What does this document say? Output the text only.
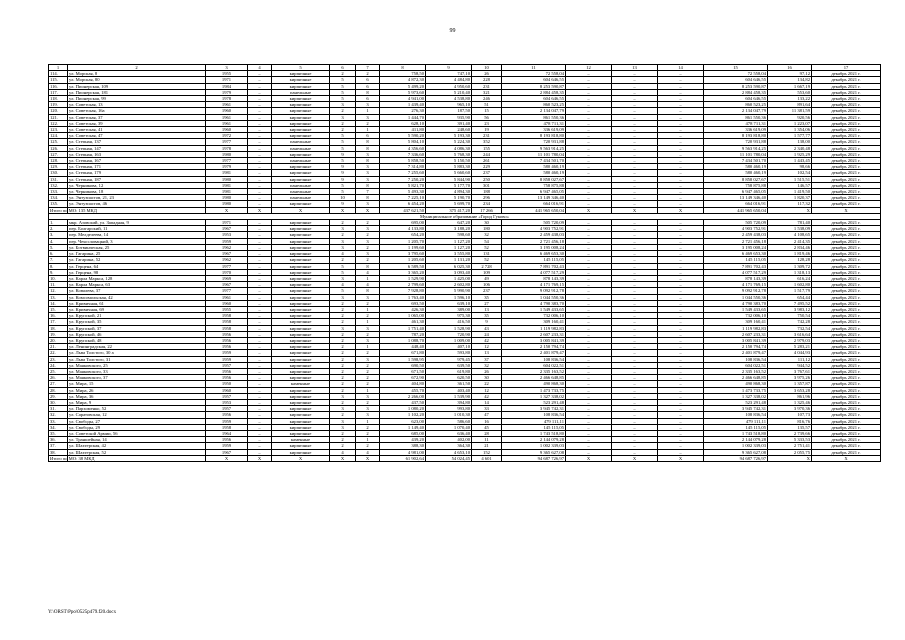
99
1	2	3	4	5	6	7	8	9	10	11	12	13	14	15	16	17
114.	ул. Морская, 8	1955	–	кирпичные	2	2	758,50	747,10	26	72 558,04	–	–	–	72 558,04	97,12	декабрь 2021 г.
115.	ул. Морская, 80	1971	–	кирпичные	5	6	4 872,30	4 484,80	228	604 646,55	–	–	–	604 646,55	134,82	декабрь 2021 г.
116.	ул. Пионерская, 109	1984	–	кирпичные	5	6	5 499,20	4 950,60	231	8 253 590,87	–	–	–	8 253 590,87	1 667,19	декабрь 2021 г.
117.	ул. Пионерская, 181	1979	–	панельные	5	8	5 973,60	5 210,40	321	2 884 458,35	–	–	–	2 884 458,35	553,60	декабрь 2021 г.
118.	ул. Пионерская, 99	1978	–	кирпичные	5	6	4 941,00	4 538,80	246	604 646,55	–	–	–	604 646,55	133,22	декабрь 2021 г.
119.	ул. Советская, 13	1961	–	кирпичные	3	3	1 439,40	965,10	51	860 523,25	–	–	–	860 523,25	891,64	декабрь 2021 г.
120.	ул. Советская, 16а	1960	–	кирпичные	2	1	276,30	187,50	15	2 134 047,79	–	–	–	2 134 047,79	11 381,59	декабрь 2021 г.
121.	ул. Советская, 37	1961	–	кирпичные	3	3	1 444,70	935,90	56	861 550,36	–	–	–	861 550,36	920,56	декабрь 2021 г.
122.	ул. Советская, 39	1961	–	кирпичные	2	2	628,10	391,40	23	478 711,31	–	–	–	478 711,31	1 223,07	декабрь 2021 г.
123.	ул. Советская, 41	1960	–	кирпичные	2	1	411,80	248,60	19	336 619,09	–	–	–	336 619,09	1 354,06	декабрь 2021 г.
124.	ул. Советская, 47	1972	–	кирпичные	5	6	5 590,20	5 193,30	231	8 193 818,80	–	–	–	8 193 818,80	1 577,77	декабрь 2021 г.
125.	ул. Степная, 137	1977	–	панельные	5	8	5 804,10	5 224,30	352	720 931,88	–	–	–	720 931,88	138,00	декабрь 2021 г.
126.	ул. Степная, 147	1978	–	панельные	5	8	4 356,60	4 086,30	155	9 563 914,25	–	–	–	9 563 914,25	2 340,48	декабрь 2021 г.
127.	ул. Степная, 163	1980	–	кирпичные	9	3	7 336,60	5 768,30	244	11 101 780,04	–	–	–	11 101 780,04	1 925,29	декабрь 2021 г.
128.	ул. Степная, 167	1977	–	панельные	5	8	5 858,50	5 150,50	261	7 434 501,70	–	–	–	7 434 501,70	1 443,45	декабрь 2021 г.
129.	ул. Степная, 171	1979	–	кирпичные	9	3	7 314,80	5 883,30	229	580 460,19	–	–	–	580 460,19	98,66	декабрь 2021 г.
130.	ул. Степная, 179	1981	–	кирпичные	9	3	7 255,60	5 660,60	237	580 460,19	–	–	–	580 460,19	102,54	декабрь 2021 г.
131.	ул. Степная, 187	1980	–	кирпичные	9	3	7 250,20	5 844,90	250	8 858 027,67	–	–	–	8 858 027,67	1 515,51	декабрь 2021 г.
132.	ул. Черникова, 12	1981	–	панельные	5	8	5 821,70	5 177,70	301	758 875,88	–	–	–	758 875,88	146,57	декабрь 2021 г.
133.	ул. Черникова, 18	1981	–	панельные	5	7	5 493,30	4 894,30	188	6 947 465,05	–	–	–	6 947 465,05	1 419,50	декабрь 2021 г.
134.	ул. Энтузиастов, 21, 23	1980	–	панельные	10	8	7 225,10	5 190,70	296	13 149 346,40	–	–	–	13 149 346,40	1 820,37	декабрь 2021 г.
135.	ул. Энтузиастов, 46	1980	–	кирпичные	9	3	6 454,20	5 699,70	234	664 016,91	–	–	–	664 016,91	117,32	декабрь 2021 г.
Итого по МО: 135 МКД		X	X	X	X	X	437 621,50	375 417,20	17 266	441 965 650,04	X	X	X	441 965 650,04	X	X
Муниципальное образование «Город Гуково»																
1.	мкр. Азовский, ул. Западная, 9	1971	–	кирпичные	2	2	695,00	647,20	30	505 720,09	–	–	–	505 720,09	781,40	декабрь 2021 г.
2.	пер. Болгарский, 11	1967	–	кирпичные	3	3	4 133,80	3 188,20	180	4 903 752,91	–	–	–	4 903 752,91	1 538,09	декабрь 2021 г.
3.	пер. Мелделеева, 14	1953	–	кирпичные	2	2	654,20	598,60	32	2 459 438,03	–	–	–	2 459 438,03	4 108,65	декабрь 2021 г.
4.	пер. Чехословацкий, 3	1959	–	кирпичные	3	3	1 205,70	1 127,20	54	2 721 456,18	–	–	–	2 721 456,18	2 414,35	декабрь 2021 г.
5.	ул. Ботвинческая, 25	1962	–	кирпичные	3	2	1 199,60	1 127,20	52	3 195 008,24	–	–	–	3 195 008,24	2 834,46	декабрь 2021 г.
6.	ул. Гагарина, 25	1967	–	кирпичные	4	3	3 795,60	3 555,80	131	6 469 653,30	–	–	–	6 469 653,30	1 819,46	декабрь 2021 г.
7.	ул. Гагарина, 52	1962	–	кирпичные	2	2	1 205,60	1 131,20	52	145 115,05	–	–	–	145 115,05	128,28	декабрь 2021 г.
8.	ул. Герцена, 64	1977	–	кирпичные	5	8	6 589,50	6 025,30	2 728	7 891 702,43	–	–	–	7 891 702,43	1 309,72	декабрь 2021 г.
9.	ул. Герцена, 98	1970	–	кирпичные	5	4	3 365,20	3 093,40	109	4 077 517,29	–	–	–	4 077 517,29	1 318,13	декабрь 2021 г.
10.	ул. Карла Маркса, 128	1969	–	кирпичные	3	1	1 529,90	1 425,00	49	878 143,39	–	–	–	878 143,39	616,24	декабрь 2021 г.
11.	ул. Карла Маркса, 63	1967	–	кирпичные	4	4	2 799,60	2 602,80	106	4 171 769,15	–	–	–	4 171 769,15	1 602,80	декабрь 2021 г.
12.	ул. Ковалева, 37	1977	–	кирпичные	5	8	7 928,80	5 990,90	237	9 092 912,78	–	–	–	9 092 912,78	1 517,79	декабрь 2021 г.
13.	ул. Комсомольская, 42	1961	–	кирпичные	3	3	1 763,40	1 596,10	35	1 044 550,36	–	–	–	1 044 550,36	654,44	декабрь 2021 г.
14.	ул. Кривичная, 61	1960	–	кирпичные	2	2	693,50	639,10	27	4 790 383,70	–	–	–	4 790 383,70	7 495,52	декабрь 2021 г.
15.	ул. Кривичная, 69	1955	–	кирпичные	2	1	426,30	389,00	13	1 549 433,65	–	–	–	1 549 433,65	3 983,12	декабрь 2021 г.
16.	ул. Крупской, 21	1958	–	кирпичные	2	2	1 065,00	975,30	35	732 006,10	–	–	–	732 006,10	750,54	декабрь 2021 г.
17.	ул. Крупской, 35	1958	–	кирпичные	2	1	461,30	416,50	9	309 160,41	–	–	–	309 160,41	742,28	декабрь 2021 г.
18.	ул. Крупской, 37	1958	–	кирпичные	3	3	1 751,40	1 528,90	43	1 119 982,83	–	–	–	1 119 982,83	732,54	декабрь 2021 г.
19.	ул. Крупской, 46	1956	–	кирпичные	2	2	787,20	720,90	24	2 607 233,31	–	–	–	2 607 233,31	3 616,64	декабрь 2021 г.
20.	ул. Крупской, 48	1956	–	кирпичные	2	3	1 088,70	1 009,00	42	3 005 841,39	–	–	–	3 005 841,39	2 979,03	декабрь 2021 г.
21.	ул. Ленинградская, 22	1956	–	кирпичные	2	1	448,40	407,10	12	2 150 794,74	–	–	–	2 150 794,74	5 283,21	декабрь 2021 г.
22.	ул. Льва Толстого, 30 а	1959	–	кирпичные	2	2	671,80	593,80	13	2 401 879,47	–	–	–	2 401 879,47	4 044,93	декабрь 2021 г.
23.	ул. Льва Толстого, 31	1959	–	кирпичные	2	3	1 598,95	979,45	37	108 836,54	–	–	–	108 836,54	111,12	декабрь 2021 г.
24.	ул. Маяковского, 25	1957	–	кирпичные	2	2	690,50	639,50	32	604 022,51	–	–	–	604 022,51	944,52	декабрь 2021 г.
25.	ул. Маяковского, 33	1956	–	кирпичные	2	2	671,50	619,80	26	2 335 163,52	–	–	–	2 335 163,52	3 767,61	декабрь 2021 г.
26.	ул. Маяковского, 37	1956	–	кирпичные	2	2	672,90	620,50	30	2 466 648,85	–	–	–	2 466 648,85	3 975,26	декабрь 2021 г.
27.	ул. Мира, 15	1950	–	каменные	2	2	404,80	361,50	22	490 868,30	–	–	–	490 868,30	1 357,87	декабрь 2021 г.
28.	ул. Мира, 26	1960	–	кирпичные	2	1	455,70	403,40	12	1 473 733,75	–	–	–	1 473 733,75	3 653,28	декабрь 2021 г.
29.	ул. Мира, 36	1957	–	кирпичные	3	3	2 266,00	1 539,90	42	1 327 338,02	–	–	–	1 327 338,02	861,96	декабрь 2021 г.
30.	ул. Мира, 9	1953	–	кирпичные	2	2	437,50	394,80	14	523 291,48	–	–	–	523 291,48	1 325,46	декабрь 2021 г.
31.	ул. Пархоменко, 52	1957	–	кирпичные	3	3	1 080,20	993,80	33	3 945 742,31	–	–	–	3 945 742,31	3 970,36	декабрь 2021 г.
32.	ул. Саратовская, 12	1956	–	кирпичные	2	3	1 102,20	1 010,30	47	108 836,54	–	–	–	108 836,54	107,73	декабрь 2021 г.
33.	ул. Свободы, 27	1959	–	кирпичные	3	1	623,00	586,60	16	479 111,11	–	–	–	479 111,11	816,76	декабрь 2021 г.
34.	ул. Свободы, 29	1958	–	кирпичные	3	2	1 149,40	1 070,40	45	145 115,05	–	–	–	145 115,05	135,57	декабрь 2021 г.
35.	ул. Советской Армии, 56	1964	–	кирпичные	2	2	685,00	636,40	28	1 743 518,80	–	–	–	1 743 518,80	2 739,66	декабрь 2021 г.
36.	ул. Траншейная, 14	1956	–	каменные	2	1	439,20	402,00	11	2 144 079,28	–	–	–	2 144 079,28	5 333,53	декабрь 2021 г.
37.	ул. Шахтерская, 42	1959	–	кирпичные	2	2	388,30	364,30	21	1 002 339,03	–	–	–	1 002 339,03	2 751,41	декабрь 2021 г.
38.	ул. Шахтерская, 52	1967	–	кирпичные	4	4	4 981,00	4 653,10	152	9 365 627,08	–	–	–	9 365 627,08	2 055,75	декабрь 2021 г.
Итого по МО: 38 МКД		X	X	X	X	X	61 902,64	54 024,45	4 601	94 687 726,97	X	X	X	94 687 726,97	X	X
Y:\ORST\Ppo\0525p479.f20.docx
